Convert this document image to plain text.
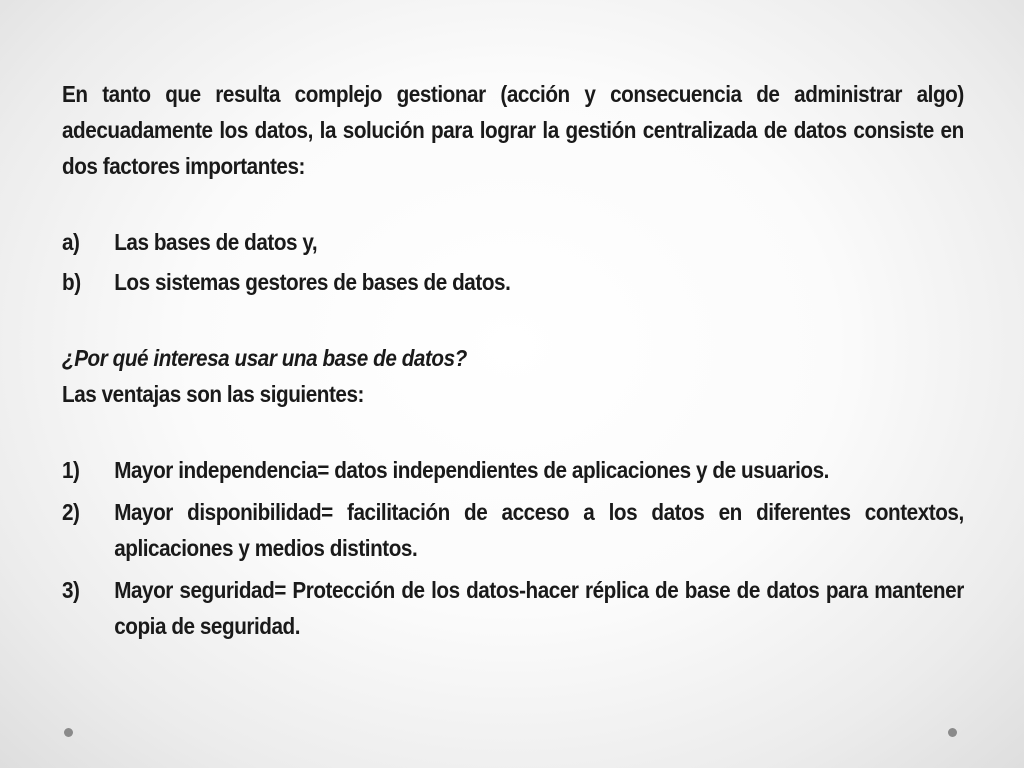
En tanto que resulta complejo gestionar (acción y consecuencia de administrar algo) adecuadamente los datos, la solución para lograr la gestión centralizada de datos consiste en dos factores importantes:

a)	Las bases de datos y,
b)	Los sistemas gestores de bases de datos.

¿Por qué interesa usar una base de datos?

Las ventajas son las siguientes:

1)	Mayor independencia= datos independientes de aplicaciones y de usuarios.
2)	Mayor disponibilidad= facilitación de acceso a los datos en diferentes contextos, aplicaciones y medios distintos.
3)	Mayor seguridad= Protección de los datos-hacer réplica de base de datos para mantener copia de seguridad.
